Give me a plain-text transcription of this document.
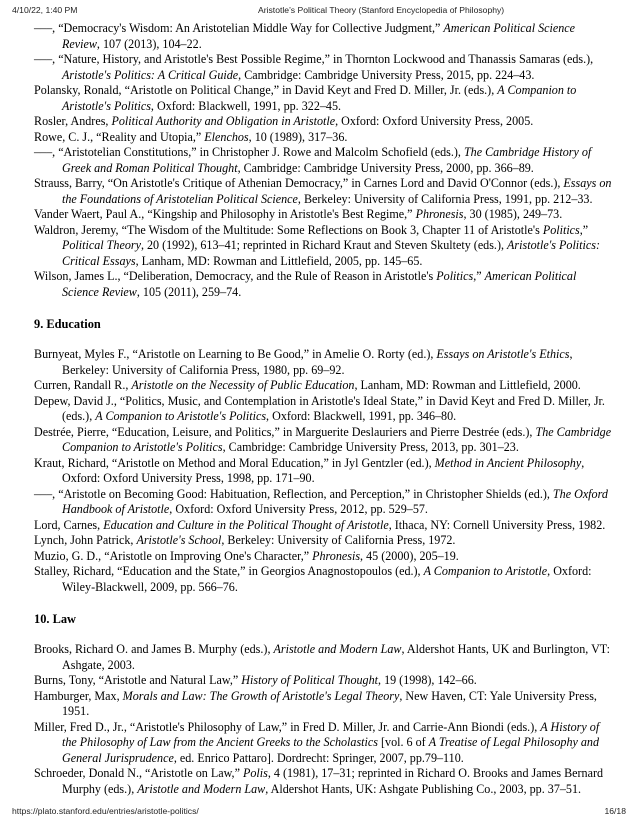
4/10/22, 1:40 PM	Aristotle’s Political Theory (Stanford Encyclopedia of Philosophy)
–––, “Democracy's Wisdom: An Aristotelian Middle Way for Collective Judgment,” American Political Science Review, 107 (2013), 104–22.
–––, “Nature, History, and Aristotle's Best Possible Regime,” in Thornton Lockwood and Thanassis Samaras (eds.), Aristotle's Politics: A Critical Guide, Cambridge: Cambridge University Press, 2015, pp. 224–43.
Polansky, Ronald, “Aristotle on Political Change,” in David Keyt and Fred D. Miller, Jr. (eds.), A Companion to Aristotle's Politics, Oxford: Blackwell, 1991, pp. 322–45.
Rosler, Andres, Political Authority and Obligation in Aristotle, Oxford: Oxford University Press, 2005.
Rowe, C. J., “Reality and Utopia,” Elenchos, 10 (1989), 317–36.
–––, “Aristotelian Constitutions,” in Christopher J. Rowe and Malcolm Schofield (eds.), The Cambridge History of Greek and Roman Political Thought, Cambridge: Cambridge University Press, 2000, pp. 366–89.
Strauss, Barry, “On Aristotle's Critique of Athenian Democracy,” in Carnes Lord and David O'Connor (eds.), Essays on the Foundations of Aristotelian Political Science, Berkeley: University of California Press, 1991, pp. 212–33.
Vander Waert, Paul A., “Kingship and Philosophy in Aristotle's Best Regime,” Phronesis, 30 (1985), 249–73.
Waldron, Jeremy, “The Wisdom of the Multitude: Some Reflections on Book 3, Chapter 11 of Aristotle's Politics,” Political Theory, 20 (1992), 613–41; reprinted in Richard Kraut and Steven Skultety (eds.), Aristotle's Politics: Critical Essays, Lanham, MD: Rowman and Littlefield, 2005, pp. 145–65.
Wilson, James L., “Deliberation, Democracy, and the Rule of Reason in Aristotle's Politics,” American Political Science Review, 105 (2011), 259–74.
9. Education
Burnyeat, Myles F., “Aristotle on Learning to Be Good,” in Amelie O. Rorty (ed.), Essays on Aristotle's Ethics, Berkeley: University of California Press, 1980, pp. 69–92.
Curren, Randall R., Aristotle on the Necessity of Public Education, Lanham, MD: Rowman and Littlefield, 2000.
Depew, David J., “Politics, Music, and Contemplation in Aristotle's Ideal State,” in David Keyt and Fred D. Miller, Jr. (eds.), A Companion to Aristotle's Politics, Oxford: Blackwell, 1991, pp. 346–80.
Destrée, Pierre, “Education, Leisure, and Politics,” in Marguerite Deslauriers and Pierre Destrée (eds.), The Cambridge Companion to Aristotle's Politics, Cambridge: Cambridge University Press, 2013, pp. 301–23.
Kraut, Richard, “Aristotle on Method and Moral Education,” in Jyl Gentzler (ed.), Method in Ancient Philosophy, Oxford: Oxford University Press, 1998, pp. 171–90.
–––, “Aristotle on Becoming Good: Habituation, Reflection, and Perception,” in Christopher Shields (ed.), The Oxford Handbook of Aristotle, Oxford: Oxford University Press, 2012, pp. 529–57.
Lord, Carnes, Education and Culture in the Political Thought of Aristotle, Ithaca, NY: Cornell University Press, 1982.
Lynch, John Patrick, Aristotle's School, Berkeley: University of California Press, 1972.
Muzio, G. D., “Aristotle on Improving One's Character,” Phronesis, 45 (2000), 205–19.
Stalley, Richard, “Education and the State,” in Georgios Anagnostopoulos (ed.), A Companion to Aristotle, Oxford: Wiley-Blackwell, 2009, pp. 566–76.
10. Law
Brooks, Richard O. and James B. Murphy (eds.), Aristotle and Modern Law, Aldershot Hants, UK and Burlington, VT: Ashgate, 2003.
Burns, Tony, “Aristotle and Natural Law,” History of Political Thought, 19 (1998), 142–66.
Hamburger, Max, Morals and Law: The Growth of Aristotle's Legal Theory, New Haven, CT: Yale University Press, 1951.
Miller, Fred D., Jr., “Aristotle's Philosophy of Law,” in Fred D. Miller, Jr. and Carrie-Ann Biondi (eds.), A History of the Philosophy of Law from the Ancient Greeks to the Scholastics [vol. 6 of A Treatise of Legal Philosophy and General Jurisprudence, ed. Enrico Pattaro]. Dordrecht: Springer, 2007, pp.79–110.
Schroeder, Donald N., “Aristotle on Law,” Polis, 4 (1981), 17–31; reprinted in Richard O. Brooks and James Bernard Murphy (eds.), Aristotle and Modern Law, Aldershot Hants, UK: Ashgate Publishing Co., 2003, pp. 37–51.
https://plato.stanford.edu/entries/aristotle-politics/	16/18
